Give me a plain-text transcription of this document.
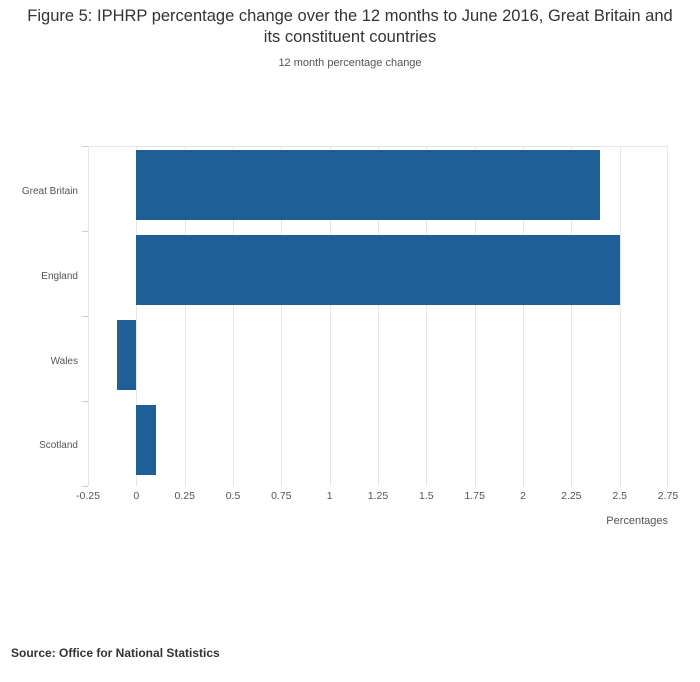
Figure 5: IPHRP percentage change over the 12 months to June 2016, Great Britain and its constituent countries
12 month percentage change
Great Britain
England
Wales
Scotland
-0.25	0	0.25	0.5	0.75	1	1.25	1.5	1.75	2	2.25	2.5	2.75
Percentages
Source: Office for National Statistics
